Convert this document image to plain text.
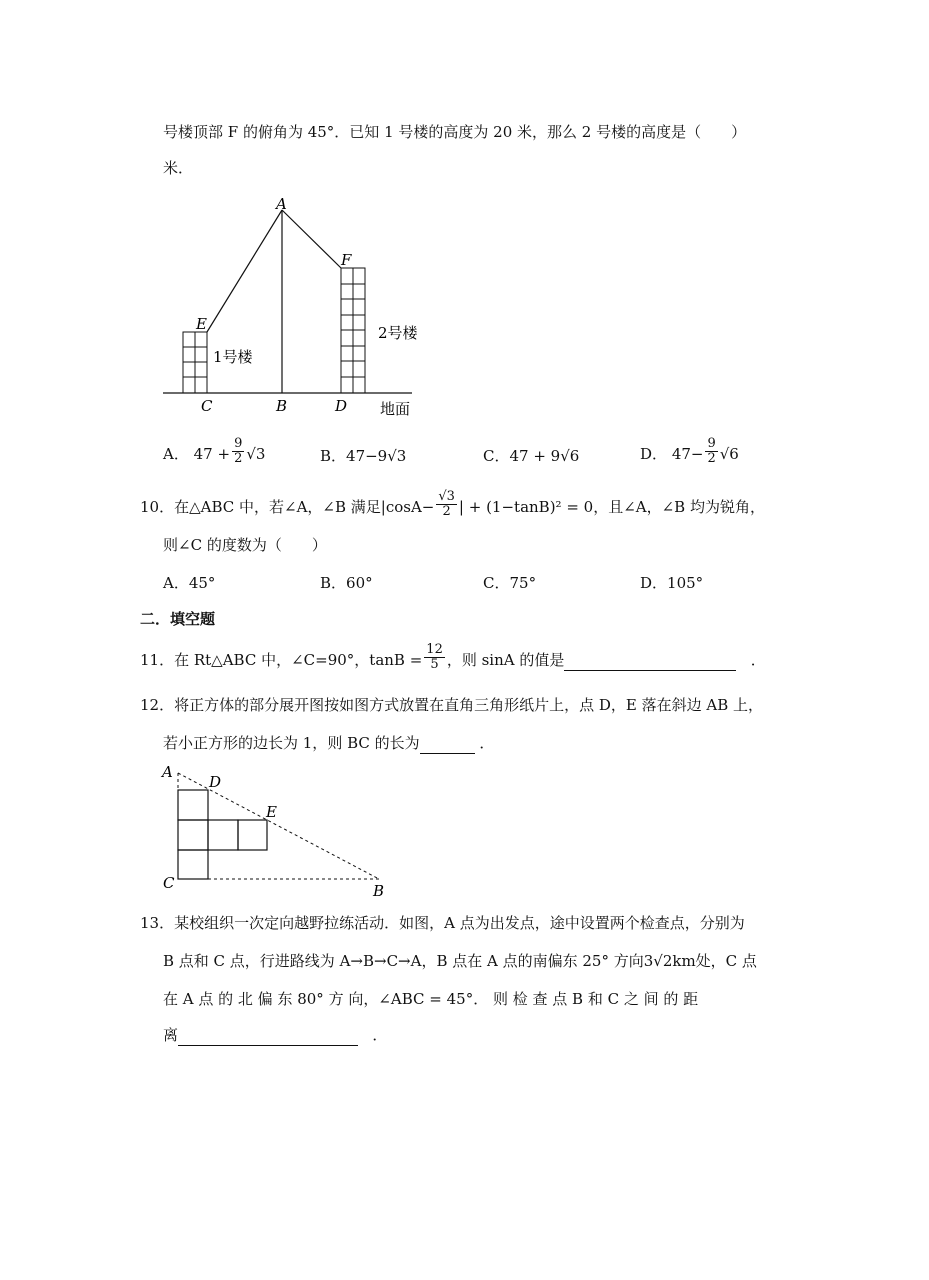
号楼顶部 F 的俯角为 45°．已知 1 号楼的高度为 20 米，那么 2 号楼的高度是（　　）
米．
A
F
E
C	B	D
1号楼
2号楼
地面
A． $47 + \frac{9}{2} √3$	B．47−9√3	C．47 + 9√6	D． $47- \frac{9}{2} √6$
10．在△ABC 中，若∠A，∠B 满足$|\cos A- \frac{√3}{2}$ | + (1−tanB)² = 0，且∠A，∠B 均为锐角，
则∠C 的度数为（　　）
A．45°	B．60°	C．75°	D．105°
二．填空题
11．在 Rt△ABC 中，∠C=90°，$\tan B = \frac{12}{5}$ ，则 sinA 的值是	．
12．将正方体的部分展开图按如图方式放置在直角三角形纸片上，点 D，E 落在斜边 AB 上，
若小正方形的边长为 1，则 BC 的长为	．
A
D
E
C	B
13．某校组织一次定向越野拉练活动．如图，A 点为出发点，途中设置两个检查点，分别为
B 点和 C 点，行进路线为 A→B→C→A，B 点在 A 点的南偏东 25° 方向3√2km处，C 点
在 A 点 的 北 偏 东 80° 方 向，∠ABC = 45°． 则 检 查 点 B 和 C 之 间 的 距
离	．
